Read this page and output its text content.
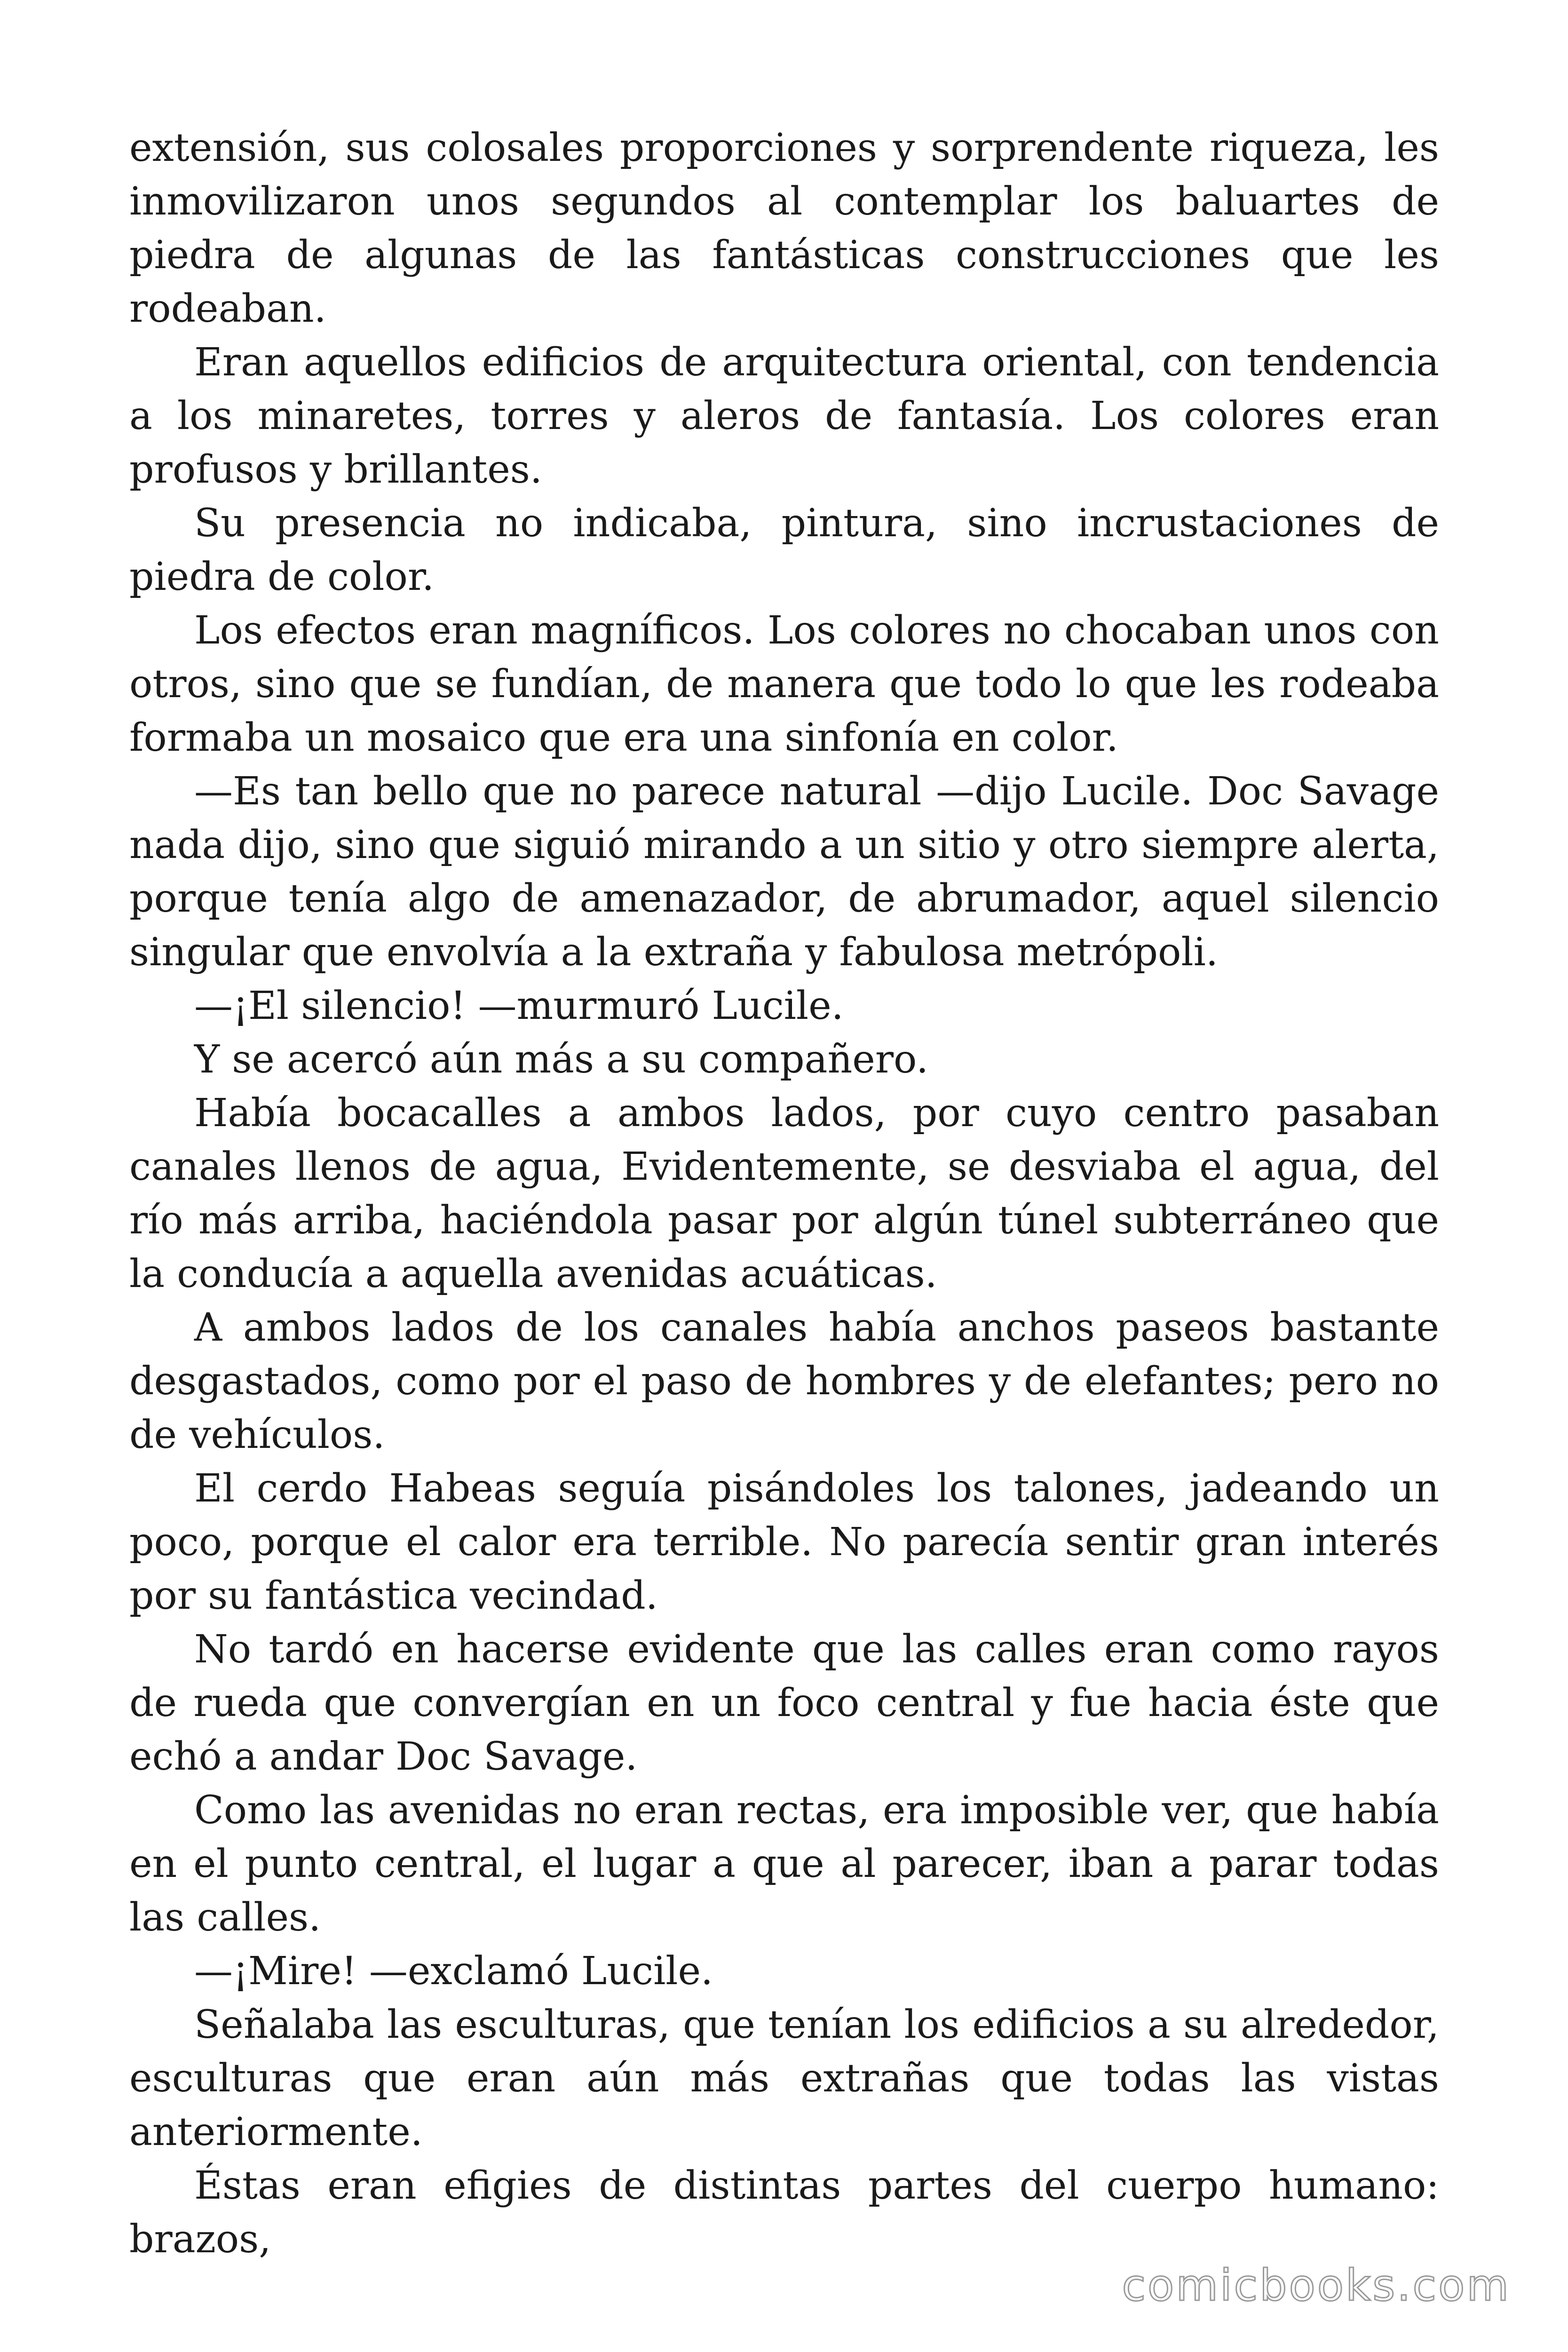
extensión, sus colosales proporciones y sorprendente riqueza, les inmovilizaron unos segundos al contemplar los baluartes de piedra de algunas de las fantásticas construcciones que les rodeaban.

Eran aquellos edificios de arquitectura oriental, con tendencia a los minaretes, torres y aleros de fantasía. Los colores eran profusos y brillantes.

Su presencia no indicaba, pintura, sino incrustaciones de piedra de color.

Los efectos eran magníficos. Los colores no chocaban unos con otros, sino que se fundían, de manera que todo lo que les rodeaba formaba un mosaico que era una sinfonía en color.

—Es tan bello que no parece natural —dijo Lucile. Doc Savage nada dijo, sino que siguió mirando a un sitio y otro siempre alerta, porque tenía algo de amenazador, de abrumador, aquel silencio singular que envolvía a la extraña y fabulosa metrópoli.

—¡El silencio! —murmuró Lucile.

Y se acercó aún más a su compañero.

Había bocacalles a ambos lados, por cuyo centro pasaban canales llenos de agua, Evidentemente, se desviaba el agua, del río más arriba, haciéndola pasar por algún túnel subterráneo que la conducía a aquella avenidas acuáticas.

A ambos lados de los canales había anchos paseos bastante desgastados, como por el paso de hombres y de elefantes; pero no de vehículos.

El cerdo Habeas seguía pisándoles los talones, jadeando un poco, porque el calor era terrible. No parecía sentir gran interés por su fantástica vecindad.

No tardó en hacerse evidente que las calles eran como rayos de rueda que convergían en un foco central y fue hacia éste que echó a andar Doc Savage.

Como las avenidas no eran rectas, era imposible ver, que había en el punto central, el lugar a que al parecer, iban a parar todas las calles.

—¡Mire! —exclamó Lucile.

Señalaba las esculturas, que tenían los edificios a su alrededor, esculturas que eran aún más extrañas que todas las vistas anteriormente.

Éstas eran efigies de distintas partes del cuerpo humano: brazos,

comicbooks.com
